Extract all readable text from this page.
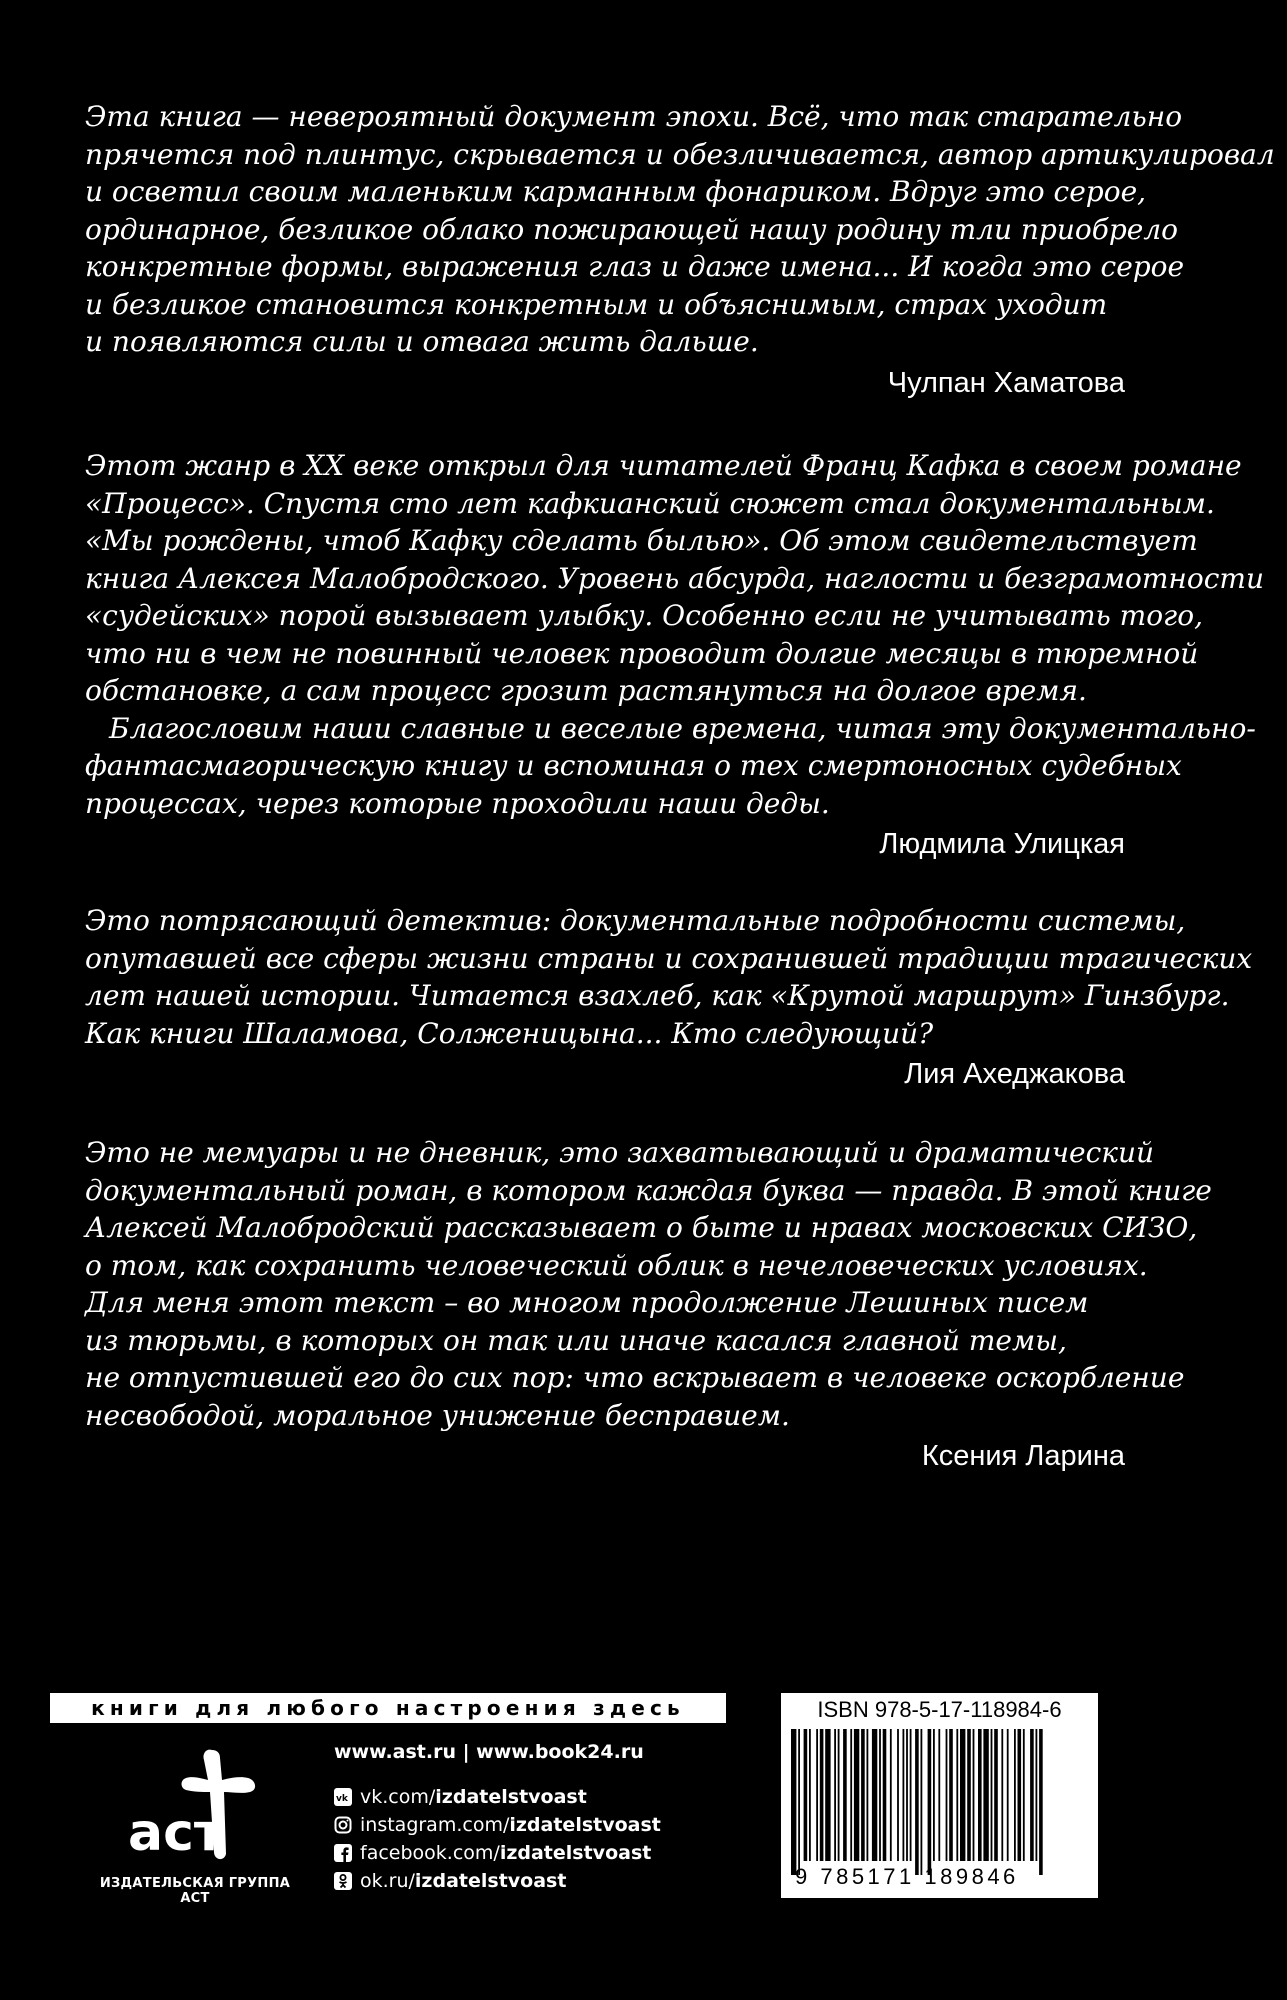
Эта книга — невероятный документ эпохи. Всё, что так старательно
прячется под плинтус, скрывается и обезличивается, автор артикулировал
и осветил своим маленьким карманным фонариком. Вдруг это серое,
ординарное, безликое облако пожирающей нашу родину тли приобрело
конкретные формы, выражения глаз и даже имена... И когда это серое
и безликое становится конкретным и объяснимым, страх уходит
и появляются силы и отвага жить дальше.
Чулпан Хаматова
Этот жанр в XX веке открыл для читателей Франц Кафка в своем романе
«Процесс». Спустя сто лет кафкианский сюжет стал документальным.
«Мы рождены, чтоб Кафку сделать былью». Об этом свидетельствует
книга Алексея Малобродского. Уровень абсурда, наглости и безграмотности
«судейских» порой вызывает улыбку. Особенно если не учитывать того,
что ни в чем не повинный человек проводит долгие месяцы в тюремной
обстановке, а сам процесс грозит растянуться на долгое время.
Благословим наши славные и веселые времена, читая эту документально-
фантасмагорическую книгу и вспоминая о тех смертоносных судебных
процессах, через которые проходили наши деды.
Людмила Улицкая
Это потрясающий детектив: документальные подробности системы,
опутавшей все сферы жизни страны и сохранившей традиции трагических
лет нашей истории. Читается взахлеб, как «Крутой маршрут» Гинзбург.
Как книги Шаламова, Солженицына... Кто следующий?
Лия Ахеджакова
Это не мемуары и не дневник, это захватывающий и драматический
документальный роман, в котором каждая буква — правда. В этой книге
Алексей Малобродский рассказывает о быте и нравах московских СИЗО,
о том, как сохранить человеческий облик в нечеловеческих условиях.
Для меня этот текст – во многом продолжение Лешиных писем
из тюрьмы, в которых он так или иначе касался главной темы,
не отпустившей его до сих пор: что вскрывает в человеке оскорбление
несвободой, моральное унижение бесправием.
Ксения Ларина
книги для любого настроения здесь
аст
ИЗДАТЕЛЬСКАЯ ГРУППА АСТ
www.ast.ru | www.book24.ru
vk vk.com/ izdatelstvoast
instagram.com/ izdatelstvoast
facebook.com/ izdatelstvoast
ok.ru/ izdatelstvoast
ISBN 978-5-17-118984-6
9 785171 189846
